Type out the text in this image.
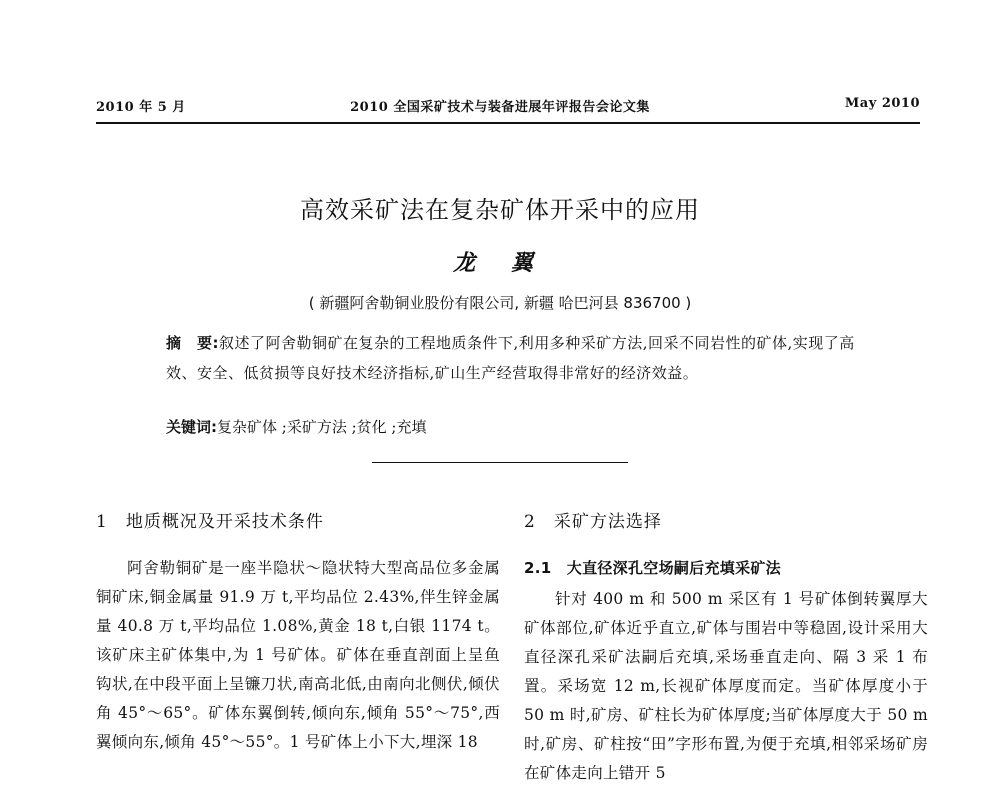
2010 年 5 月	2010 全国采矿技术与装备进展年评报告会论文集	May 2010
高效采矿法在复杂矿体开采中的应用
龙 翼
( 新疆阿舍勒铜业股份有限公司, 新疆 哈巴河县 836700 )
摘　要:叙述了阿舍勒铜矿在复杂的工程地质条件下,利用多种采矿方法,回采不同岩性的矿体,实现了高效、安全、低贫损等良好技术经济指标,矿山生产经营取得非常好的经济效益。
关键词:复杂矿体 ;采矿方法 ;贫化 ;充填
1　地质概况及开采技术条件
阿舍勒铜矿是一座半隐状～隐状特大型高品位多金属铜矿床,铜金属量 91.9 万 t,平均品位 2.43%,伴生锌金属量 40.8 万 t,平均品位 1.08%,黄金 18 t,白银 1174 t。该矿床主矿体集中,为 1 号矿体。矿体在垂直剖面上呈鱼钩状,在中段平面上呈镰刀状,南高北低,由南向北侧伏,倾伏角 45°～65°。矿体东翼倒转,倾向东,倾角 55°～75°,西翼倾向东,倾角 45°～55°。1 号矿体上小下大,埋深 18
2　采矿方法选择
2.1　大直径深孔空场嗣后充填采矿法
针对 400 m 和 500 m 采区有 1 号矿体倒转翼厚大矿体部位,矿体近乎直立,矿体与围岩中等稳固,设计采用大直径深孔采矿法嗣后充填,采场垂直走向、隔 3 采 1 布置。采场宽 12 m,长视矿体厚度而定。当矿体厚度小于 50 m 时,矿房、矿柱长为矿体厚度;当矿体厚度大于 50 m 时,矿房、矿柱按“田”字形布置,为便于充填,相邻采场矿房在矿体走向上错开 5
